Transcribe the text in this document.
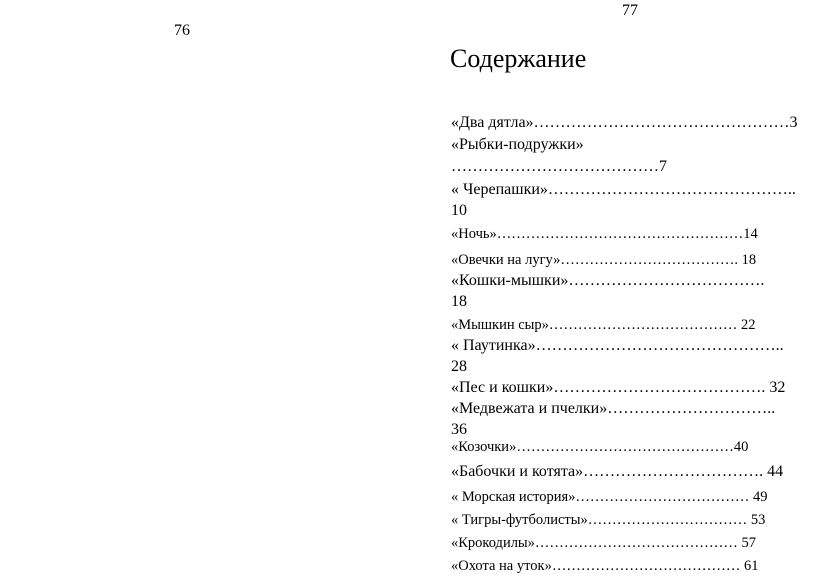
76
77
Содержание
«Два дятла»…………………………………………3
«Рыбки-подружки»
…………………………………7
« Черепашки»………………………………………..
10
«Ночь»……………………………………………14
«Овечки на лугу»………………………………. 18
«Кошки-мышки»……………………………….
18
«Мышкин сыр»………………………………… 22
« Паутинка»………………………………………..
28
«Пес и кошки»…………………………………. 32
«Медвежата и пчелки»…………………………..
36
«Козочки»………………………………………40
«Бабочки и котята»……………………………. 44
« Морская история»……………………………… 49
« Тигры-футболисты»…………………………… 53
«Крокодилы»…………………………………… 57
«Охота на уток»………………………………… 61
